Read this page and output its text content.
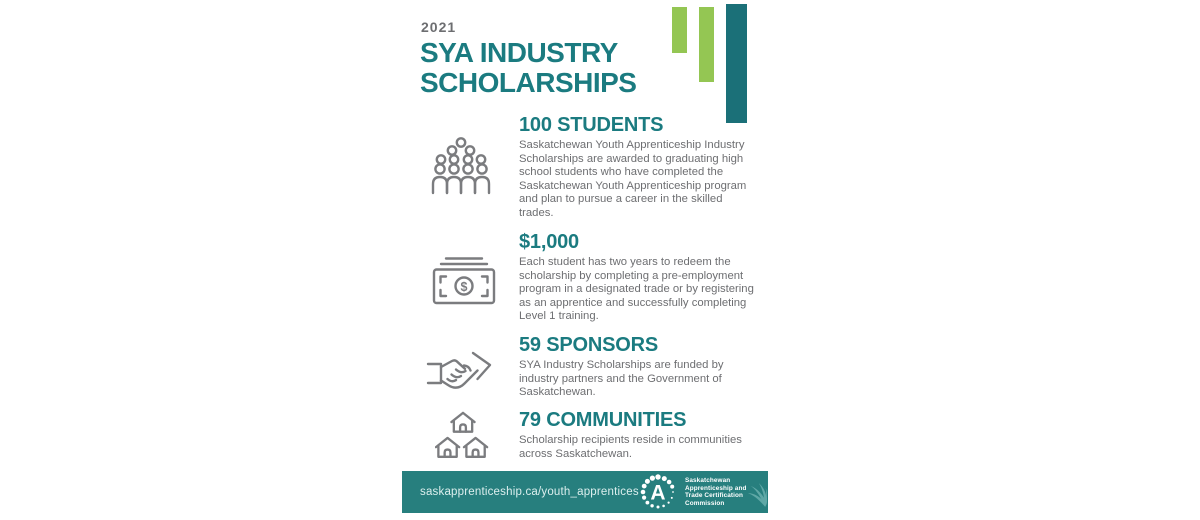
2021
SYA INDUSTRY
SCHOLARSHIPS
100 STUDENTS
Saskatchewan Youth Apprenticeship Industry Scholarships are awarded to graduating high school students who have completed the Saskatchewan Youth Apprenticeship program and plan to pursue a career in the skilled trades.
$
$1,000
Each student has two years to redeem the scholarship by completing a pre-employment program in a designated trade or by registering as an apprentice and successfully completing Level 1 training.
59 SPONSORS
SYA Industry Scholarships are funded by industry partners and the Government of Saskatchewan.
79 COMMUNITIES
Scholarship recipients reside in communities across Saskatchewan.
saskapprenticeship.ca/youth_apprentices A
Saskatchewan
Apprenticeship and
Trade Certification
Commission
